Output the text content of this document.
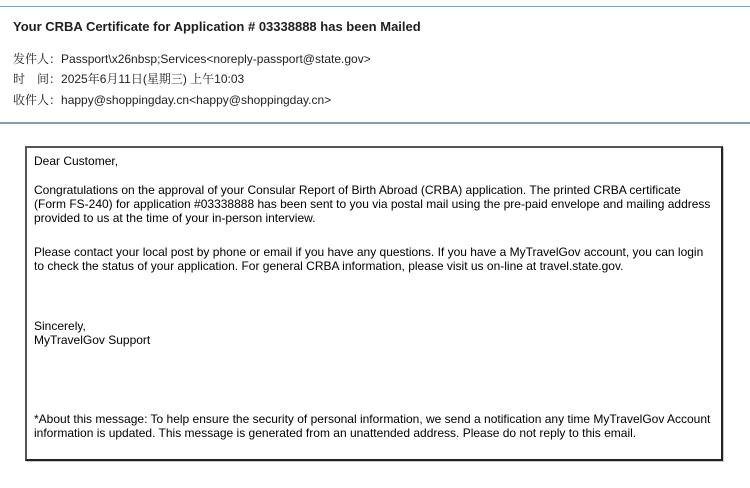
Your CRBA Certificate for Application # 03338888 has been Mailed
发件人：Passport\x26nbsp;Services<noreply-passport@state.gov>
时　间：2025年6月11日(星期三) 上午10:03
收件人：happy@shoppingday.cn<happy@shoppingday.cn>
Dear Customer,
Congratulations on the approval of your Consular Report of Birth Abroad (CRBA) application. The printed CRBA certificate (Form FS-240) for application #03338888 has been sent to you via postal mail using the pre-paid envelope and mailing address provided to us at the time of your in-person interview.
Please contact your local post by phone or email if you have any questions. If you have a MyTravelGov account, you can login to check the status of your application. For general CRBA information, please visit us on-line at travel.state.gov.
Sincerely,
MyTravelGov Support
*About this message: To help ensure the security of personal information, we send a notification any time MyTravelGov Account information is updated. This message is generated from an unattended address. Please do not reply to this email.
